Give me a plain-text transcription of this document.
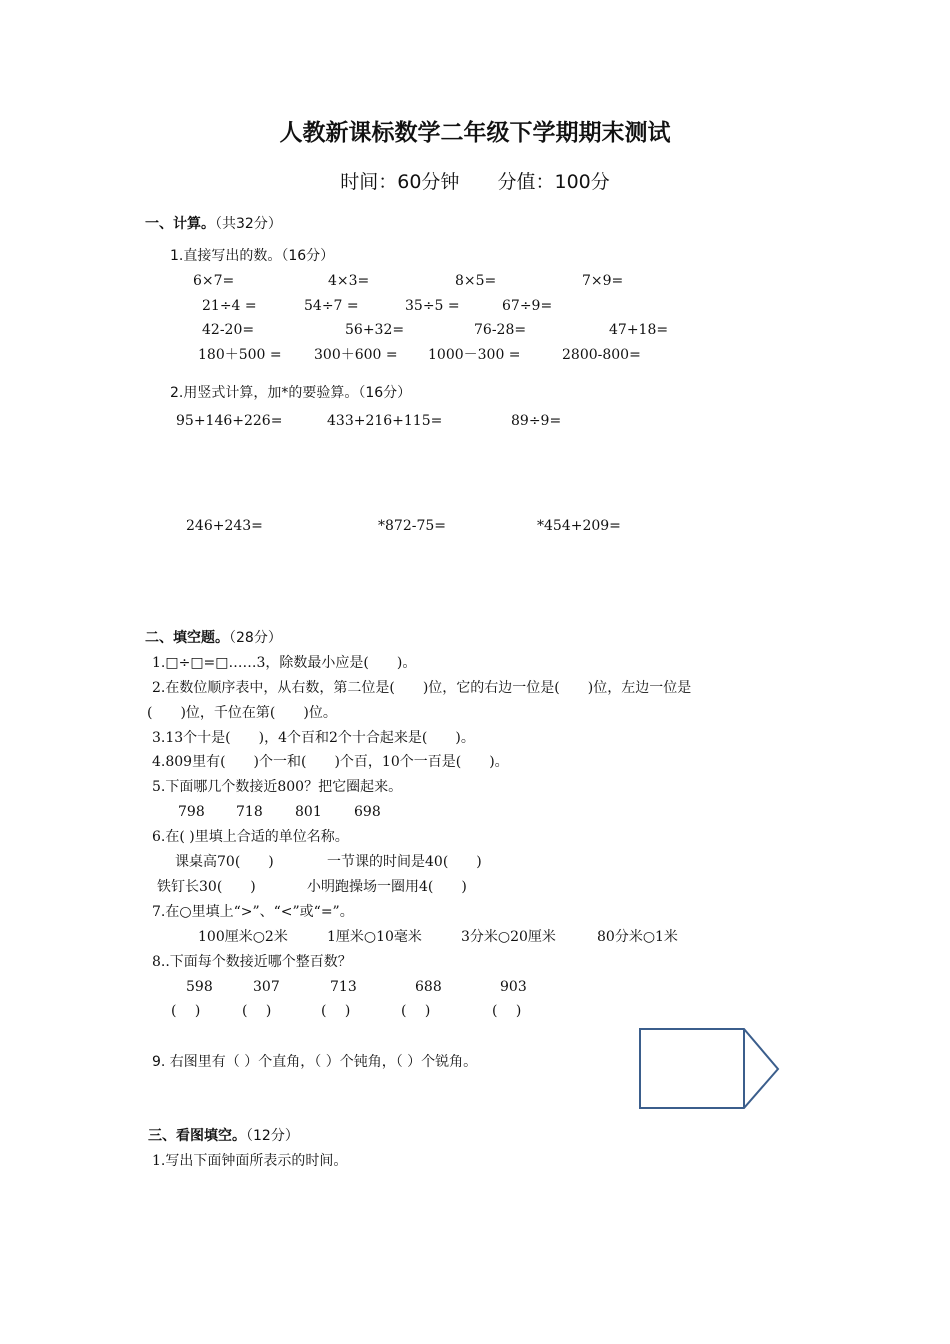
人教新课标数学二年级下学期期末测试
时间：60分钟 分值：100分
一、计算。（共32分）
1.直接写出的数。（16分）
6×7=	4×3=	8×5=	7×9=
21÷4 =	54÷7 =	35÷5 =	67÷9=
42-20=	56+32=	76-28=	47+18=
180＋500 = 300＋600 = 1000－300 =	2800-800=
2.用竖式计算，加*的要验算。（16分）
95+146+226=	433+216+115=	89÷9=
246+243=	*872-75=	*454+209=
二、填空题。（28分）
1.□÷□=□……3，除数最小应是(　　)。
2.在数位顺序表中，从右数，第二位是(　　)位，它的右边一位是(　　)位，左边一位是
(　　)位，千位在第(　　)位。
3.13个十是(　　)，4个百和2个十合起来是(　　)。
4.809里有(　　)个一和(　　)个百，10个一百是(　　)。
5.下面哪几个数接近800？把它圈起来。
798 718 801 698
6.在( )里填上合适的单位名称。
课桌高70(　　)	一节课的时间是40(　　)
铁钉长30(　　)	小明跑操场一圈用4(　　)
7.在○里填上“>”、“<”或“=”。
100厘米○2米	1厘米○10毫米	3分米○20厘米	80分米○1米
8..下面每个数接近哪个整百数？
598	307	713	688	903
(　 )	(　 )	(　 )	(　 )	(　 )
9. 右图里有（ ）个直角，（ ）个钝角，（ ）个锐角。
三、看图填空。（12分）
1.写出下面钟面所表示的时间。
